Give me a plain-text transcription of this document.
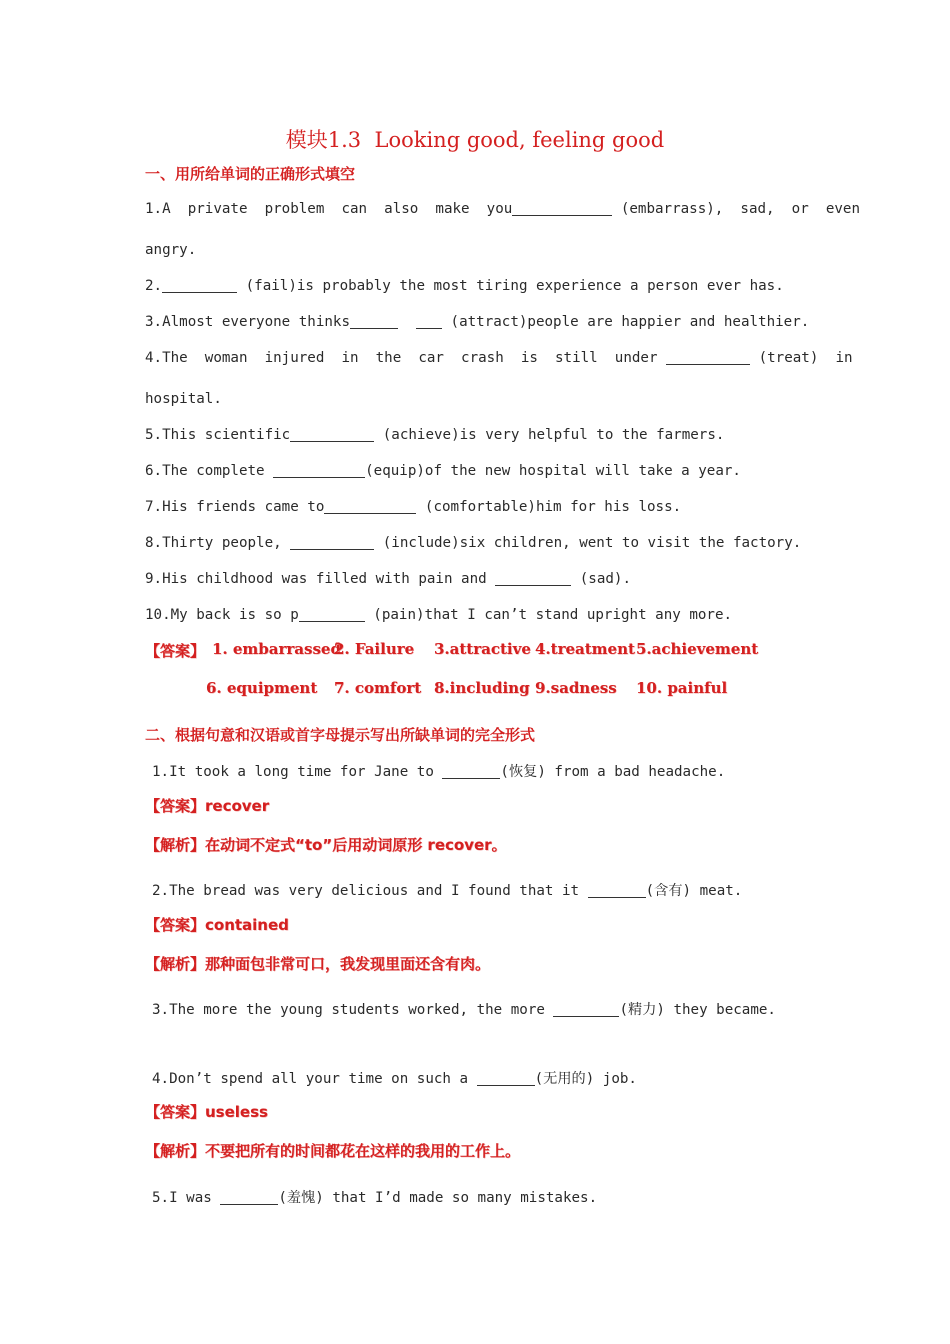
模块1.3  Looking good, feeling good
一、用所给单词的正确形式填空
1.A  private  problem  can  also  make  you	(embarrass),  sad,  or  even
angry.
2.	(fail)is probably the most tiring experience a person ever has.
3.Almost everyone thinks	(attract)people are happier and healthier.
4.The  woman  injured  in  the  car  crash  is  still  under	(treat)  in
hospital.
5.This scientific	(achieve)is very helpful to the farmers.
6.The complete	(equip)of the new hospital will take a year.
7.His friends came to	(comfortable)him for his loss.
8.Thirty people,	(include)six children, went to visit the factory.
9.His childhood was filled with pain and	(sad).
10.My back is so p	(pain)that I can’t stand upright any more.
【答案】 1. embarrassed
2. Failure 3.attractive 4.treatment 5.achievement
6. equipment 7. comfort 8.including 9.sadness 10. painful
二、根据句意和汉语或首字母提示写出所缺单词的完全形式
1.It took a long time for Jane to	(恢复) from a bad headache.
【答案】recover
【解析】在动词不定式“to”后用动词原形 recover。
2.The bread was very delicious and I found that it	(含有) meat.
【答案】contained
【解析】那种面包非常可口，我发现里面还含有肉。
3.The more the young students worked, the more	(精力) they became.
4.Don’t spend all your time on such a	(无用的) job.
【答案】useless
【解析】不要把所有的时间都花在这样的我用的工作上。
5.I was	(羞愧) that I’d made so many mistakes.
